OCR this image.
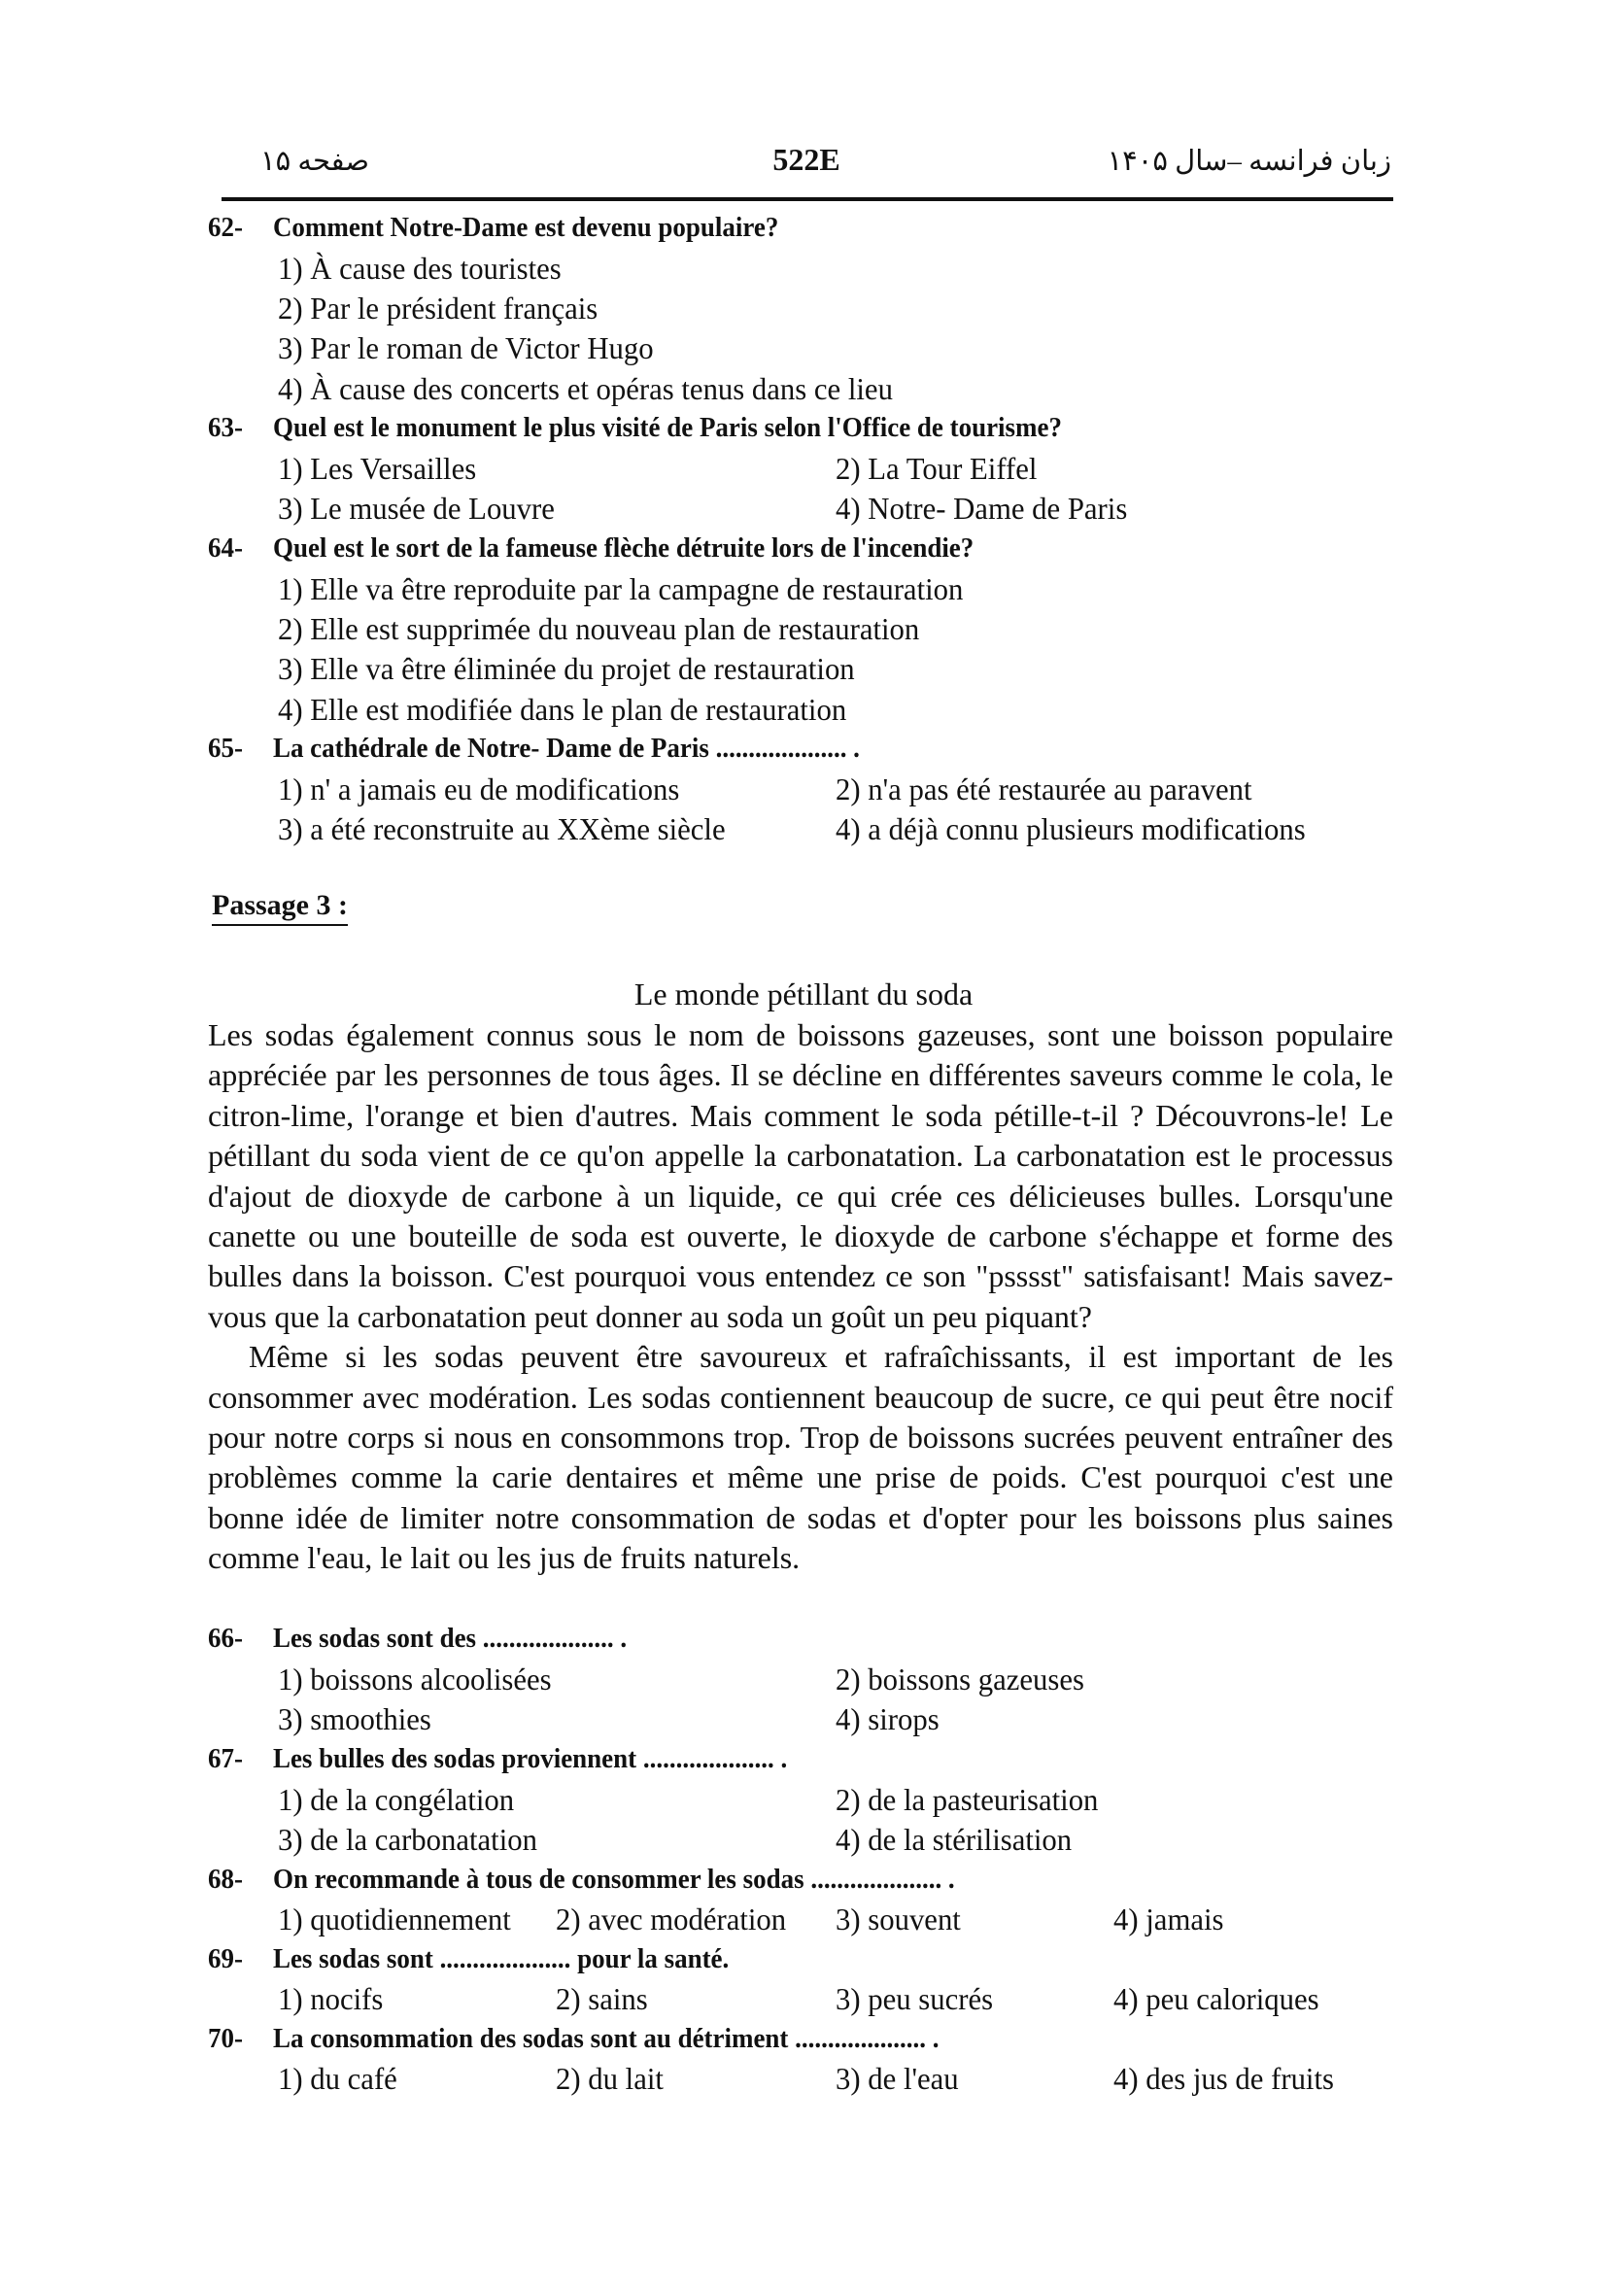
صفحه ۱۵	522E	زبان فرانسه –سال ۱۴۰۵
62- Comment Notre-Dame est devenu populaire?
1) À cause des touristes
2) Par le président français
3) Par le roman de Victor Hugo
4) À cause des concerts et opéras tenus dans ce lieu
63- Quel est le monument le plus visité de Paris selon l'Office de tourisme?
1) Les Versailles	2) La Tour Eiffel
3) Le musée de Louvre	4) Notre- Dame de Paris
64- Quel est le sort de la fameuse flèche détruite lors de l'incendie?
1) Elle va être reproduite par la campagne de restauration
2) Elle est supprimée du nouveau plan de restauration
3) Elle va être éliminée du projet de restauration
4) Elle est modifiée dans le plan de restauration
65- La cathédrale de Notre- Dame de Paris .................... .
1) n' a jamais eu de modifications	2) n'a pas été restaurée au paravent
3) a été reconstruite au XXème siècle	4) a déjà connu plusieurs modifications
Passage 3 :
Le monde pétillant du soda

Les sodas également connus sous le nom de boissons gazeuses, sont une boisson populaire appréciée par les personnes de tous âges. Il se décline en différentes saveurs comme le cola, le citron-lime, l'orange et bien d'autres. Mais comment le soda pétille-t-il ? Découvrons-le! Le pétillant du soda vient de ce qu'on appelle la carbonatation. La carbonatation est le processus d'ajout de dioxyde de carbone à un liquide, ce qui crée ces délicieuses bulles. Lorsqu'une canette ou une bouteille de soda est ouverte, le dioxyde de carbone s'échappe et forme des bulles dans la boisson. C'est pourquoi vous entendez ce son "psssst" satisfaisant! Mais savez-vous que la carbonatation peut donner au soda un goût un peu piquant?

Même si les sodas peuvent être savoureux et rafraîchissants, il est important de les consommer avec modération. Les sodas contiennent beaucoup de sucre, ce qui peut être nocif pour notre corps si nous en consommons trop. Trop de boissons sucrées peuvent entraîner des problèmes comme la carie dentaires et même une prise de poids. C'est pourquoi c'est une bonne idée de limiter notre consommation de sodas et d'opter pour les boissons plus saines comme l'eau, le lait ou les jus de fruits naturels.

66- Les sodas sont des .................... .
1) boissons alcoolisées	2) boissons gazeuses
3) smoothies	4) sirops
67- Les bulles des sodas proviennent .................... .
1) de la congélation	2) de la pasteurisation
3) de la carbonatation	4) de la stérilisation
68- On recommande à tous de consommer les sodas .................... .
1) quotidiennement 2) avec modération 3) souvent	4) jamais
69- Les sodas sont .................... pour la santé.
1) nocifs	2) sains	3) peu sucrés	4) peu caloriques
70- La consommation des sodas sont au détriment .................... .
1) du café	2) du lait	3) de l'eau	4) des jus de fruits
